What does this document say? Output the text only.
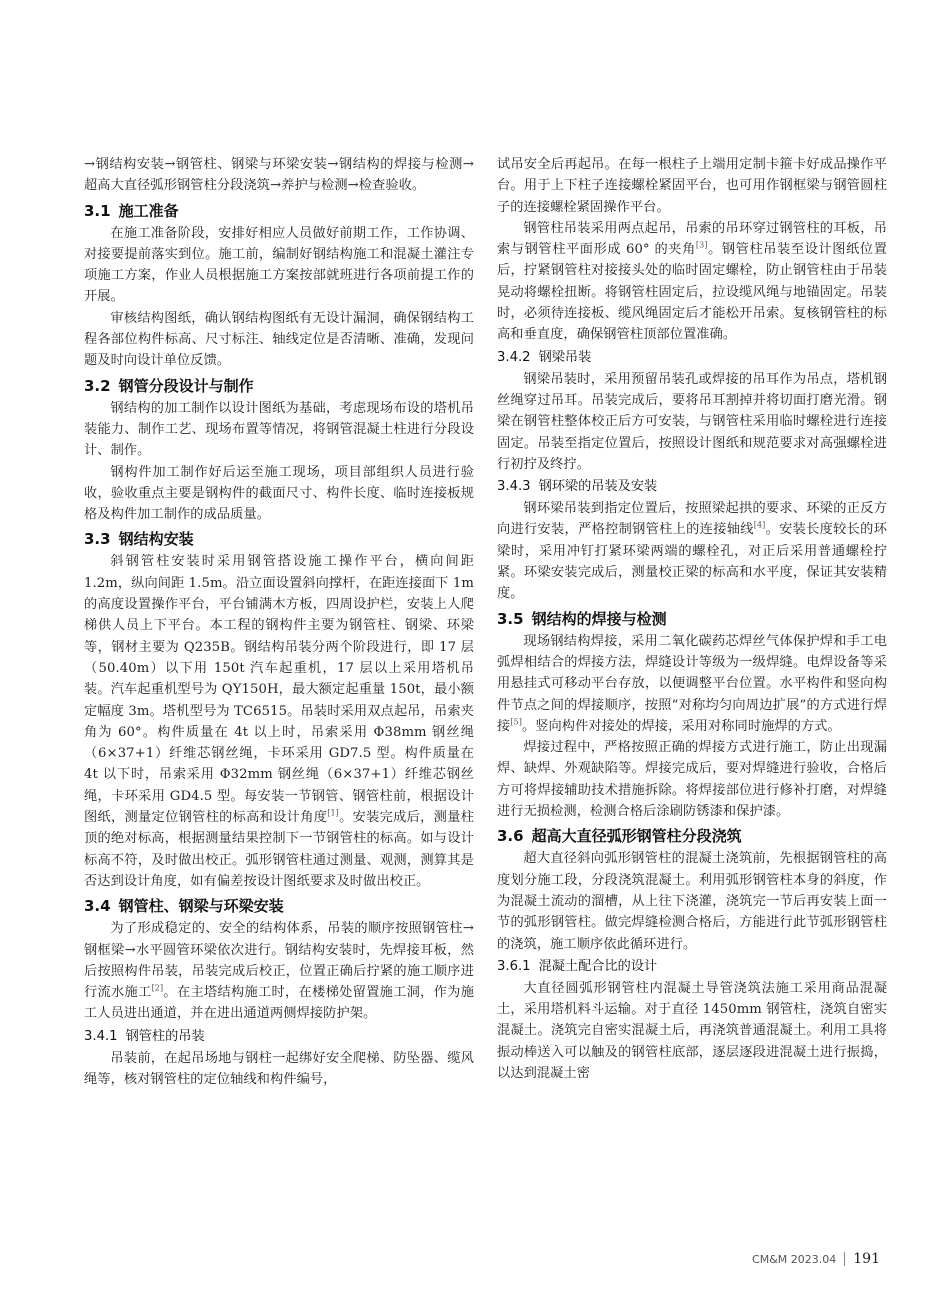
→钢结构安装→钢管柱、钢梁与环梁安装→钢结构的焊接与检测→超高大直径弧形钢管柱分段浇筑→养护与检测→检查验收。

3.1 施工准备

在施工准备阶段，安排好相应人员做好前期工作，工作协调、对接要提前落实到位。施工前，编制好钢结构施工和混凝土灌注专项施工方案，作业人员根据施工方案按部就班进行各项前提工作的开展。

审核结构图纸，确认钢结构图纸有无设计漏洞，确保钢结构工程各部位构件标高、尺寸标注、轴线定位是否清晰、准确，发现问题及时向设计单位反馈。

3.2 钢管分段设计与制作

钢结构的加工制作以设计图纸为基础，考虑现场布设的塔机吊装能力、制作工艺、现场布置等情况，将钢管混凝土柱进行分段设计、制作。

钢构件加工制作好后运至施工现场，项目部组织人员进行验收，验收重点主要是钢构件的截面尺寸、构件长度、临时连接板规格及构件加工制作的成品质量。

3.3 钢结构安装

斜钢管柱安装时采用钢管搭设施工操作平台，横向间距 1.2m，纵向间距 1.5m。沿立面设置斜向撑杆，在距连接面下 1m 的高度设置操作平台，平台铺满木方板，四周设护栏，安装上人爬梯供人员上下平台。本工程的钢构件主要为钢管柱、钢梁、环梁等，钢材主要为 Q235B。钢结构吊装分两个阶段进行，即 17 层（50.40m）以下用 150t 汽车起重机，17 层以上采用塔机吊装。汽车起重机型号为 QY150H，最大额定起重量 150t，最小额定幅度 3m。塔机型号为 TC6515。吊装时采用双点起吊，吊索夹角为 60°。构件质量在 4t 以上时，吊索采用 Φ38mm 钢丝绳（6×37+1）纤维芯钢丝绳，卡环采用 GD7.5 型。构件质量在 4t 以下时，吊索采用 Φ32mm 钢丝绳（6×37+1）纤维芯钢丝绳，卡环采用 GD4.5 型。每安装一节钢管、钢管柱前，根据设计图纸，测量定位钢管柱的标高和设计角度[1]。安装完成后，测量柱顶的绝对标高，根据测量结果控制下一节钢管柱的标高。如与设计标高不符，及时做出校正。弧形钢管柱通过测量、观测，测算其是否达到设计角度，如有偏差按设计图纸要求及时做出校正。

3.4 钢管柱、钢梁与环梁安装

为了形成稳定的、安全的结构体系，吊装的顺序按照钢管柱→钢框梁→水平圆管环梁依次进行。钢结构安装时，先焊接耳板，然后按照构件吊装，吊装完成后校正，位置正确后拧紧的施工顺序进行流水施工[2]。在主塔结构施工时，在楼梯处留置施工洞，作为施工人员进出通道，并在进出通道两侧焊接防护架。

3.4.1 钢管柱的吊装

吊装前，在起吊场地与钢柱一起绑好安全爬梯、防坠器、缆风绳等，核对钢管柱的定位轴线和构件编号，

试吊安全后再起吊。在每一根柱子上端用定制卡箍卡好成品操作平台。用于上下柱子连接螺栓紧固平台，也可用作钢框梁与钢管圆柱子的连接螺栓紧固操作平台。

钢管柱吊装采用两点起吊，吊索的吊环穿过钢管柱的耳板，吊索与钢管柱平面形成 60° 的夹角[3]。钢管柱吊装至设计图纸位置后，拧紧钢管柱对接接头处的临时固定螺栓，防止钢管柱由于吊装晃动将螺栓扭断。将钢管柱固定后，拉设缆风绳与地锚固定。吊装时，必须待连接板、缆风绳固定后才能松开吊索。复核钢管柱的标高和垂直度，确保钢管柱顶部位置准确。

3.4.2 钢梁吊装

钢梁吊装时，采用预留吊装孔或焊接的吊耳作为吊点，塔机钢丝绳穿过吊耳。吊装完成后，要将吊耳割掉并将切面打磨光滑。钢梁在钢管柱整体校正后方可安装，与钢管柱采用临时螺栓进行连接固定。吊装至指定位置后，按照设计图纸和规范要求对高强螺栓进行初拧及终拧。

3.4.3 钢环梁的吊装及安装

钢环梁吊装到指定位置后，按照梁起拱的要求、环梁的正反方向进行安装，严格控制钢管柱上的连接轴线[4]。安装长度较长的环梁时，采用冲钉打紧环梁两端的螺栓孔，对正后采用普通螺栓拧紧。环梁安装完成后，测量校正梁的标高和水平度，保证其安装精度。

3.5 钢结构的焊接与检测

现场钢结构焊接，采用二氧化碳药芯焊丝气体保护焊和手工电弧焊相结合的焊接方法，焊缝设计等级为一级焊缝。电焊设备等采用悬挂式可移动平台存放，以便调整平台位置。水平构件和竖向构件节点之间的焊接顺序，按照“对称均匀向周边扩展”的方式进行焊接[5]。竖向构件对接处的焊接，采用对称同时施焊的方式。

焊接过程中，严格按照正确的焊接方式进行施工，防止出现漏焊、缺焊、外观缺陷等。焊接完成后，要对焊缝进行验收，合格后方可将焊接辅助技术措施拆除。将焊接部位进行修补打磨，对焊缝进行无损检测，检测合格后涂刷防锈漆和保护漆。

3.6 超高大直径弧形钢管柱分段浇筑

超大直径斜向弧形钢管柱的混凝土浇筑前，先根据钢管柱的高度划分施工段，分段浇筑混凝土。利用弧形钢管柱本身的斜度，作为混凝土流动的溜槽，从上往下浇灌，浇筑完一节后再安装上面一节的弧形钢管柱。做完焊缝检测合格后，方能进行此节弧形钢管柱的浇筑，施工顺序依此循环进行。

3.6.1 混凝土配合比的设计

大直径圆弧形钢管柱内混凝土导管浇筑法施工采用商品混凝土，采用塔机料斗运输。对于直径 1450mm 钢管柱，浇筑自密实混凝土。浇筑完自密实混凝土后，再浇筑普通混凝土。利用工具将振动棒送入可以触及的钢管柱底部，逐层逐段进混凝土进行振捣，以达到混凝土密

CM&M 2023.04 191
